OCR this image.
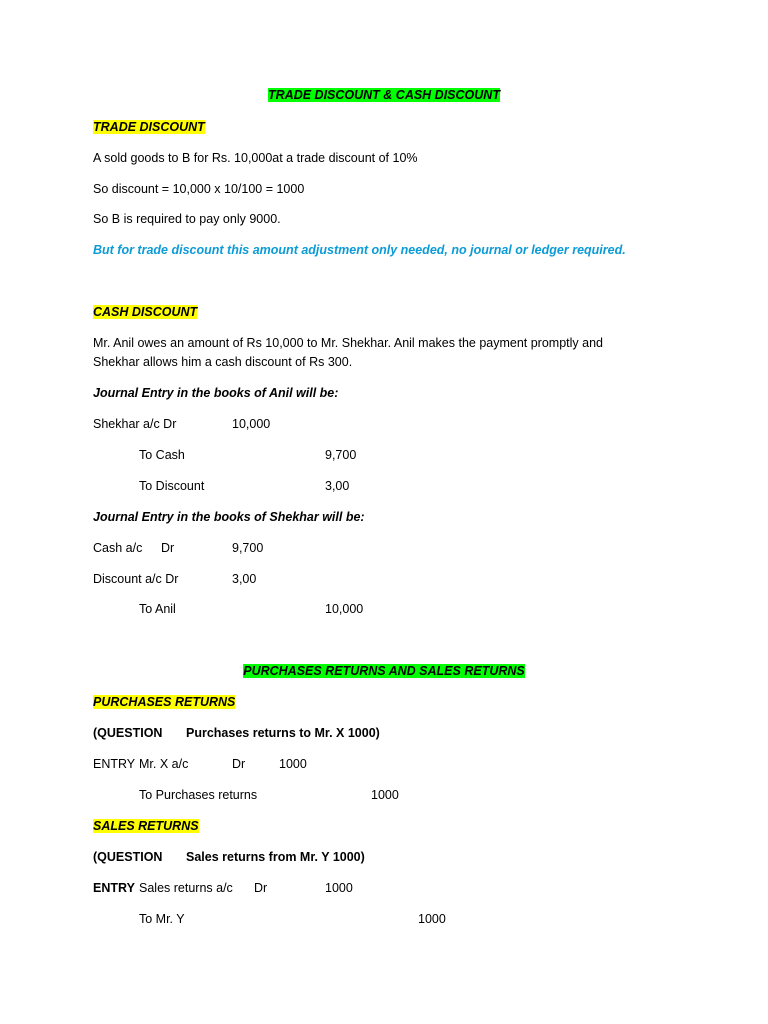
TRADE DISCOUNT & CASH DISCOUNT
TRADE DISCOUNT
A sold goods to B for Rs. 10,000at a trade discount of 10%
So discount = 10,000 x 10/100 = 1000
So B is required to pay only 9000.
But for trade discount this amount adjustment only needed, no journal or ledger required.
CASH DISCOUNT
Mr. Anil owes an amount of Rs 10,000 to Mr. Shekhar. Anil makes the payment promptly and
Shekhar allows him a cash discount of Rs 300.
Journal Entry in the books of Anil will be:
Shekhar a/c Dr	10,000
To Cash	9,700
To Discount	3,00
Journal Entry in the books of Shekhar will be:
Cash a/c Dr	9,700
Discount a/c Dr	3,00
To Anil	10,000
PURCHASES RETURNS AND SALES RETURNS
PURCHASES RETURNS
(QUESTION Purchases returns to Mr. X 1000)
ENTRY Mr. X a/c	Dr	1000
To Purchases returns	1000
SALES RETURNS
(QUESTION Sales returns from Mr. Y 1000)
ENTRY Sales returns a/c Dr	1000
To Mr. Y	1000
